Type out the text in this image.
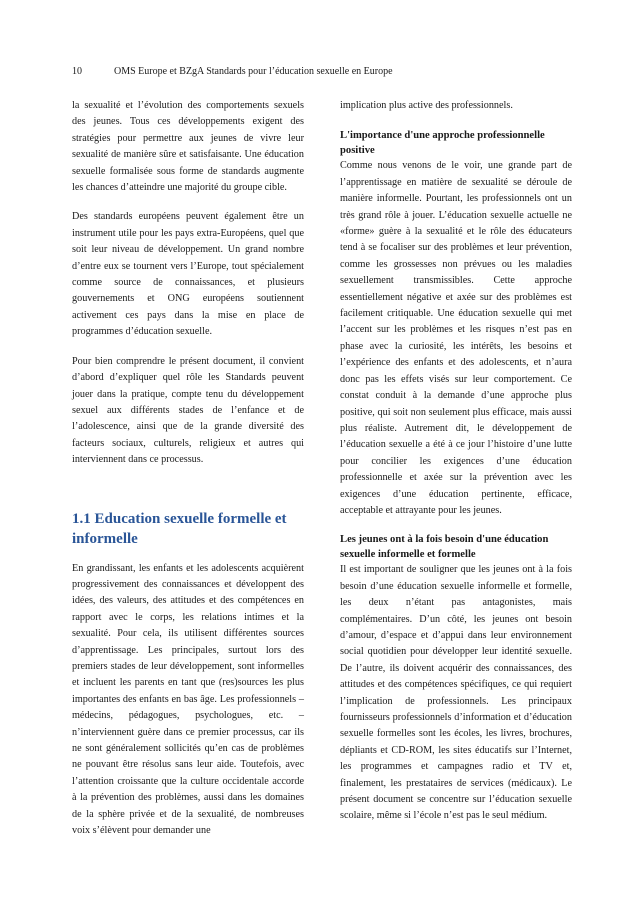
10	OMS Europe et BZgA Standards pour l’éducation sexuelle en Europe

la sexualité et l’évolution des comportements sexuels des jeunes. Tous ces développements exigent des stratégies pour permettre aux jeunes de vivre leur sexualité de manière sûre et satisfaisante. Une éducation sexuelle formalisée sous forme de standards augmente les chances d’atteindre une majorité du groupe cible.

Des standards européens peuvent également être un instrument utile pour les pays extra-Européens, quel que soit leur niveau de développement. Un grand nombre d’entre eux se tournent vers l’Europe, tout spécialement comme source de connaissances, et plusieurs gouvernements et ONG européens soutiennent activement ces pays dans la mise en place de programmes d’éducation sexuelle.

Pour bien comprendre le présent document, il convient d’abord d’expliquer quel rôle les Standards peuvent jouer dans la pratique, compte tenu du développement sexuel aux différents stades de l’enfance et de l’adolescence, ainsi que de la grande diversité des facteurs sociaux, culturels, religieux et autres qui interviennent dans ce processus.

1.1 Education sexuelle formelle et informelle

En grandissant, les enfants et les adolescents acquièrent progressivement des connaissances et développent des idées, des valeurs, des attitudes et des compétences en rapport avec le corps, les relations intimes et la sexualité. Pour cela, ils utilisent différentes sources d’apprentissage. Les principales, surtout lors des premiers stades de leur développement, sont informelles et incluent les parents en tant que (res)sources les plus importantes des enfants en bas âge. Les professionnels – médecins, pédagogues, psychologues, etc. – n’interviennent guère dans ce premier processus, car ils ne sont généralement sollicités qu’en cas de problèmes ne pouvant être résolus sans leur aide. Toutefois, avec l’attention croissante que la culture occidentale accorde à la prévention des problèmes, aussi dans les domaines de la sphère privée et de la sexualité, de nombreuses voix s’élèvent pour demander une

implication plus active des professionnels.

L'importance d'une approche professionnelle positive

Comme nous venons de le voir, une grande part de l’apprentissage en matière de sexualité se déroule de manière informelle. Pourtant, les professionnels ont un très grand rôle à jouer. L’éducation sexuelle actuelle ne «forme» guère à la sexualité et le rôle des éducateurs tend à se focaliser sur des problèmes et leur prévention, comme les grossesses non prévues ou les maladies sexuellement transmissibles. Cette approche essentiellement négative et axée sur des problèmes est facilement critiquable. Une éducation sexuelle qui met l’accent sur les problèmes et les risques n’est pas en phase avec la curiosité, les intérêts, les besoins et l’expérience des enfants et des adolescents, et n’aura donc pas les effets visés sur leur comportement. Ce constat conduit à la demande d’une approche plus positive, qui soit non seulement plus efficace, mais aussi plus réaliste. Autrement dit, le développement de l’éducation sexuelle a été à ce jour l’histoire d’une lutte pour concilier les exigences d’une éducation professionnelle et axée sur la prévention avec les exigences d’une éducation pertinente, efficace, acceptable et attrayante pour les jeunes.

Les jeunes ont à la fois besoin d'une éducation sexuelle informelle et formelle

Il est important de souligner que les jeunes ont à la fois besoin d’une éducation sexuelle informelle et formelle, les deux n’étant pas antagonistes, mais complémentaires. D’un côté, les jeunes ont besoin d’amour, d’espace et d’appui dans leur environnement social quotidien pour développer leur identité sexuelle. De l’autre, ils doivent acquérir des connaissances, des attitudes et des compétences spécifiques, ce qui requiert l’implication de professionnels. Les principaux fournisseurs professionnels d’information et d’éducation sexuelle formelles sont les écoles, les livres, brochures, dépliants et CD-ROM, les sites éducatifs sur l’Internet, les programmes et campagnes radio et TV et, finalement, les prestataires de services (médicaux). Le présent document se concentre sur l’éducation sexuelle scolaire, même si l’école n’est pas le seul médium.
